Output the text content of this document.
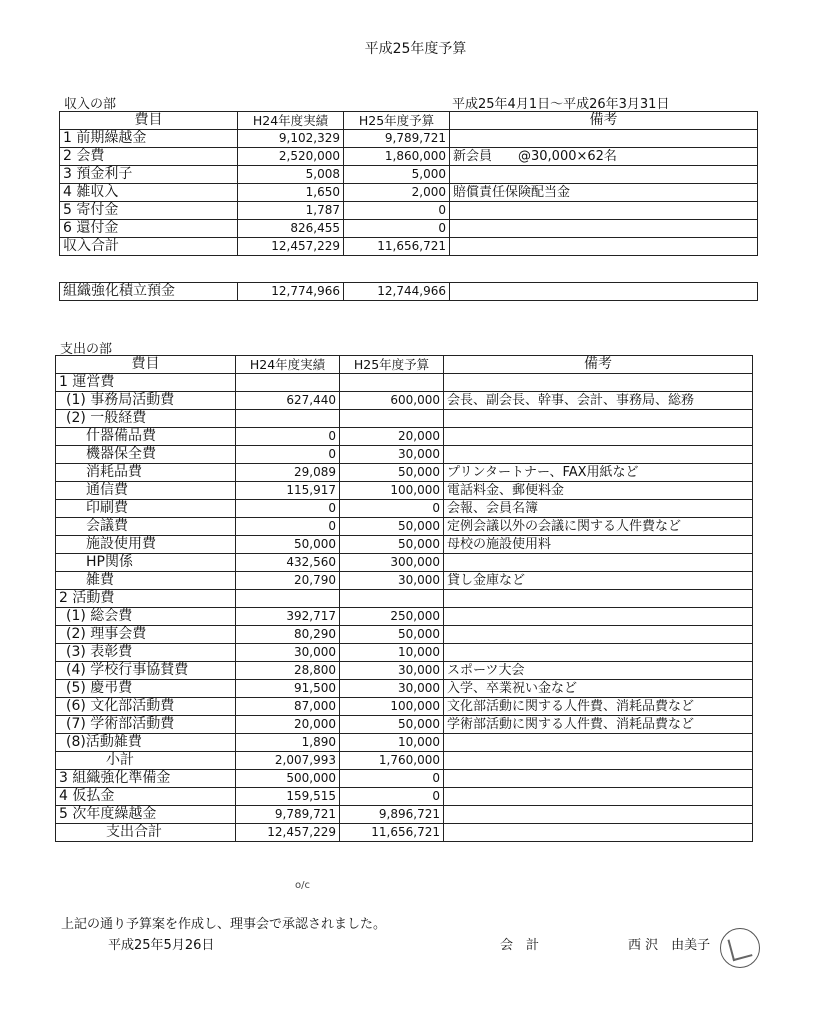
平成25年度予算
収入の部	平成25年4月1日～平成26年3月31日
費目	H24年度実績	H25年度予算	備考
1 前期繰越金	9,102,329	9,789,721	
2 会費	2,520,000	1,860,000	新会員　　@30,000×62名
3 預金利子	5,008	5,000	
4 雑収入	1,650	2,000	賠償責任保険配当金
5 寄付金	1,787	0	
6 還付金	826,455	0	
収入合計	12,457,229	11,656,721	
組織強化積立預金	12,774,966	12,744,966	
支出の部
費目	H24年度実績	H25年度予算	備考
1 運営費			
(1) 事務局活動費	627,440	600,000	会長、副会長、幹事、会計、事務局、総務
(2) 一般経費			
什器備品費	0	20,000	
機器保全費	0	30,000	
消耗品費	29,089	50,000	プリンタートナー、FAX用紙など
通信費	115,917	100,000	電話料金、郵便料金
印刷費	0	0	会報、会員名簿
会議費	0	50,000	定例会議以外の会議に関する人件費など
施設使用費	50,000	50,000	母校の施設使用料
HP関係	432,560	300,000	
雑費	20,790	30,000	貸し金庫など
2 活動費			
(1) 総会費	392,717	250,000	
(2) 理事会費	80,290	50,000	
(3) 表彰費	30,000	10,000	
(4) 学校行事協賛費	28,800	30,000	スポーツ大会
(5) 慶弔費	91,500	30,000	入学、卒業祝い金など
(6) 文化部活動費	87,000	100,000	文化部活動に関する人件費、消耗品費など
(7) 学術部活動費	20,000	50,000	学術部活動に関する人件費、消耗品費など
(8)活動雑費	1,890	10,000	
小計	2,007,993	1,760,000	
3 組織強化準備金	500,000	0	
4 仮払金	159,515	0	
5 次年度繰越金	9,789,721	9,896,721	
支出合計	12,457,229	11,656,721	
o/c
上記の通り予算案を作成し、理事会で承認されました。
平成25年5月26日	会　計	西 沢　由美子
